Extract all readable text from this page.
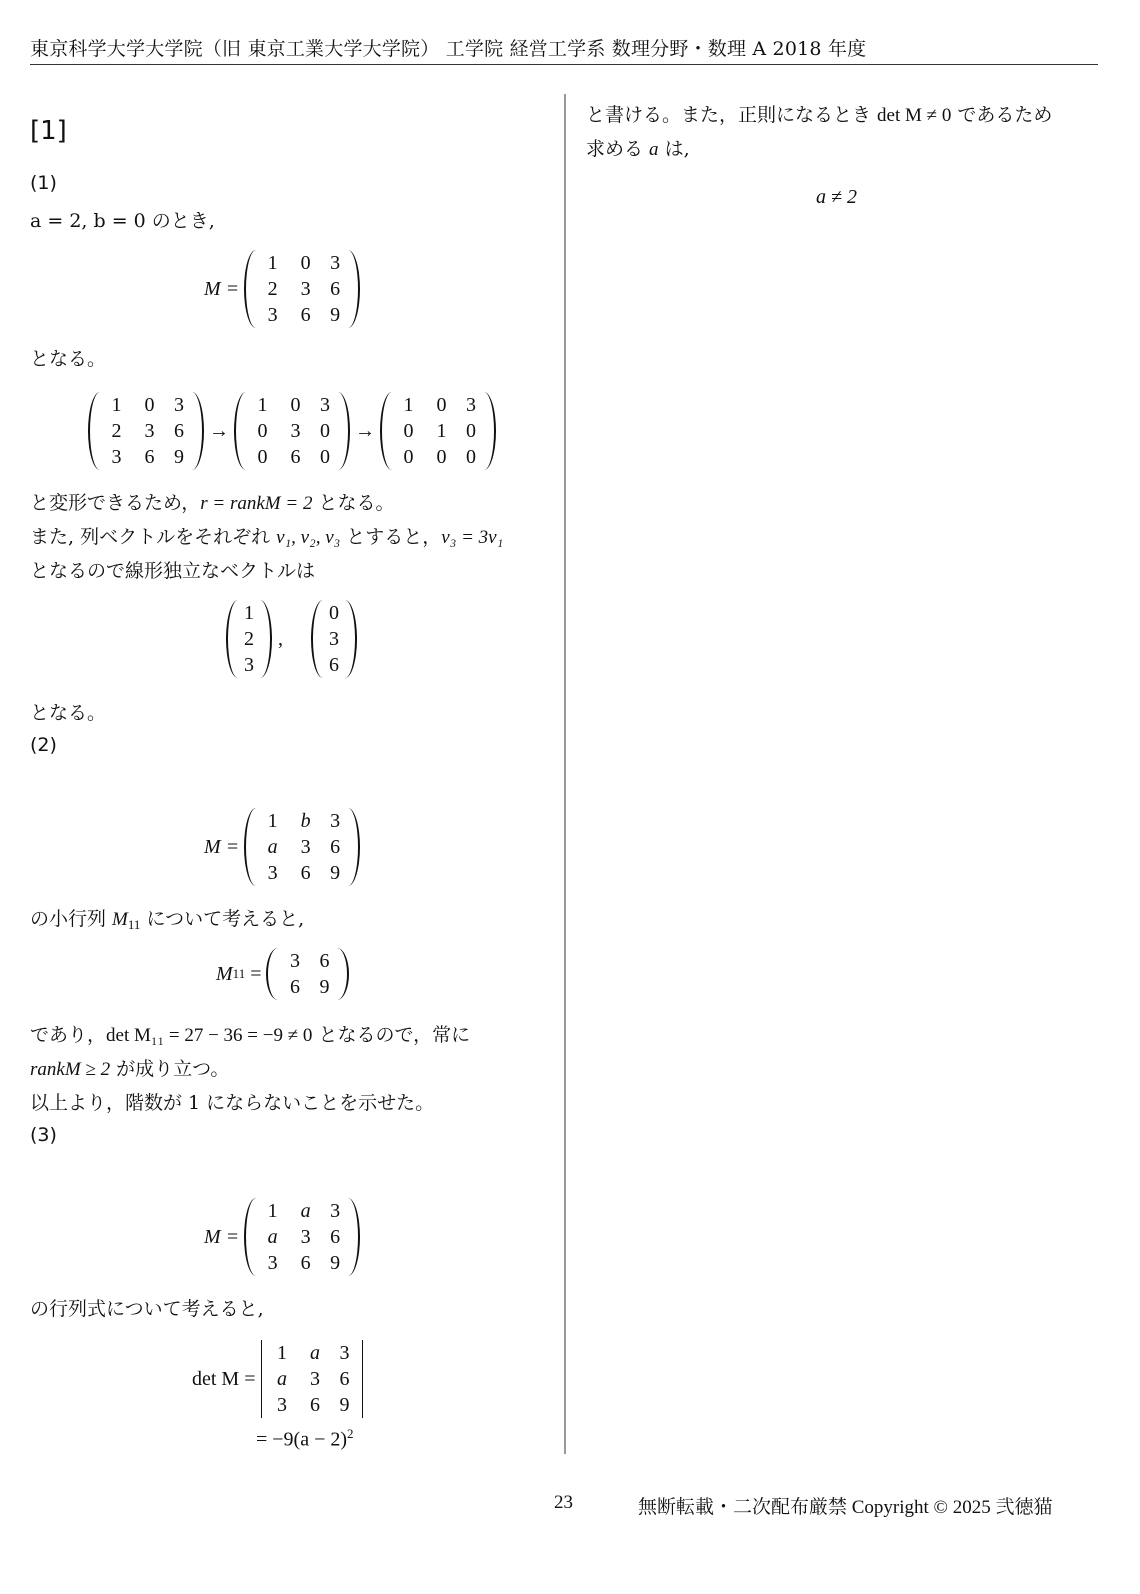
東京科学大学大学院（旧 東京工業大学大学院） 工学院 経営工学系 数理分野・数理 A 2018 年度
[1]
(1)
a = 2, b = 0 のとき,
M =

1	0 3
2	3 6
3	6 9
となる。
1	0 3
2	3 6
3	6 9

→

1	0 3
0	3 0
0	6 0

→

1	0 3
0	1 0
0	0 0
と変形できるため，r = rankM = 2 となる。
また, 列ベクトルをそれぞれ v₁, v₂, v₃ とすると，v₃ = 3v₁
となるので線形独立なベクトルは
1
2
3
,
0
3
6
となる。
(2)
M =

1	b 3
a	3 6
3	6 9
の小行列 $M_{11}$ について考えると,
M 11 =
3 6
6 9
であり，det M₁₁ = 27 − 36 = −9 ≠ 0 となるので，常に
rankM ≥ 2 が成り立つ。
以上より，階数が 1 にならないことを示せた。
(3)
M =

1	a 3
a	3 6
3	6 9
の行列式について考えると,
det M =

1	a 3
a	3 6
3	6 9
= $-9(a - 2)^2$
と書ける。また，正則になるとき det M ≠ 0 であるため
求める a は,
a ≠ 2
23	無断転載・二次配布厳禁 Copyright © 2025 弐徳猫
